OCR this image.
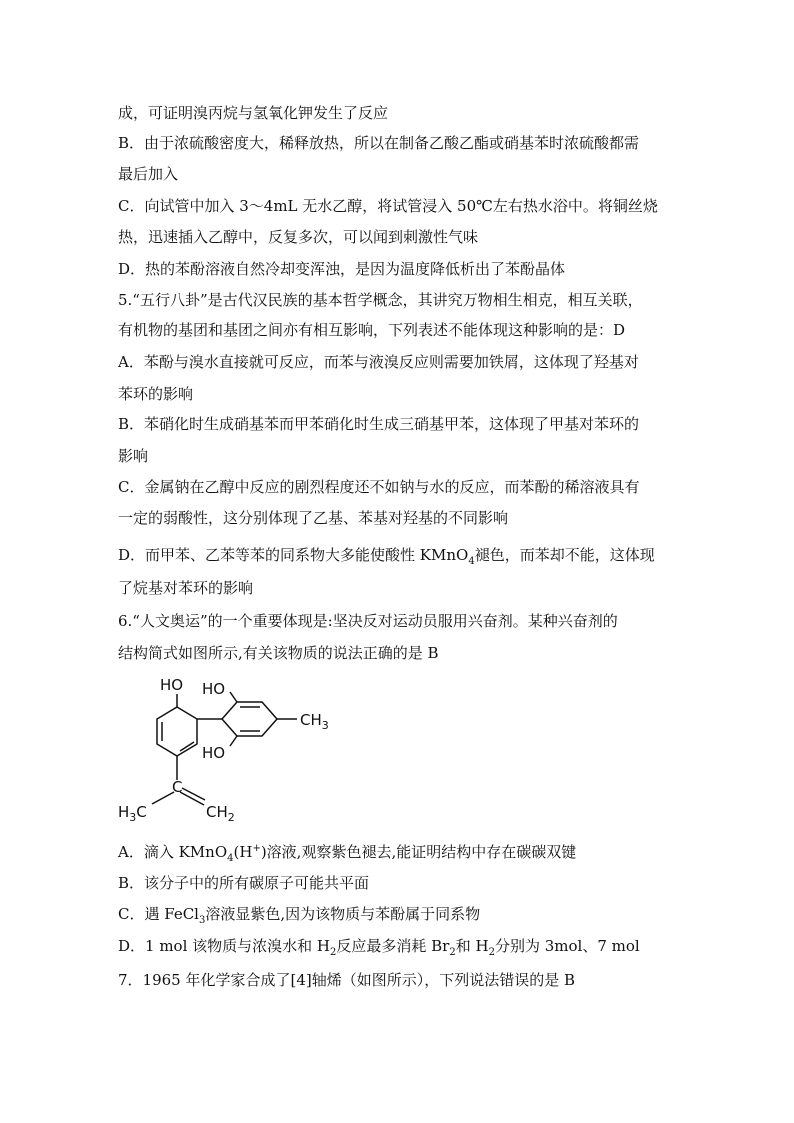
成，可证明溴丙烷与氢氧化钾发生了反应
B．由于浓硫酸密度大，稀释放热，所以在制备乙酸乙酯或硝基苯时浓硫酸都需
最后加入
C．向试管中加入 3～4mL 无水乙醇，将试管浸入 50℃左右热水浴中。将铜丝烧
热，迅速插入乙醇中，反复多次，可以闻到刺激性气味
D．热的苯酚溶液自然冷却变浑浊，是因为温度降低析出了苯酚晶体
5.“五行八卦”是古代汉民族的基本哲学概念，其讲究万物相生相克，相互关联，
有机物的基团和基团之间亦有相互影响，下列表述不能体现这种影响的是：D
A．苯酚与溴水直接就可反应，而苯与液溴反应则需要加铁屑，这体现了羟基对
苯环的影响
B．苯硝化时生成硝基苯而甲苯硝化时生成三硝基甲苯，这体现了甲基对苯环的
影响
C．金属钠在乙醇中反应的剧烈程度还不如钠与水的反应，而苯酚的稀溶液具有
一定的弱酸性，这分别体现了乙基、苯基对羟基的不同影响
D．而甲苯、乙苯等苯的同系物大多能使酸性 KMnO$_4$褪色，而苯却不能，这体现
了烷基对苯环的影响
6.“人文奥运”的一个重要体现是:坚决反对运动员服用兴奋剂。某种兴奋剂的
结构简式如图所示,有关该物质的说法正确的是 B
HO HO
HO
$CH_3$
C
$H_3C$	$CH_2$
A．滴入 KMnO$_4$(H+)溶液,观察紫色褪去,能证明结构中存在碳碳双键
B．该分子中的所有碳原子可能共平面
C．遇 FeCl$_3$溶液显紫色,因为该物质与苯酚属于同系物
D．1 mol 该物质与浓溴水和 $H_2$反应最多消耗 $Br_2$和 $H_2$分别为 3mol、7 mol
7．1965 年化学家合成了[4]轴烯（如图所示），下列说法错误的是 B
